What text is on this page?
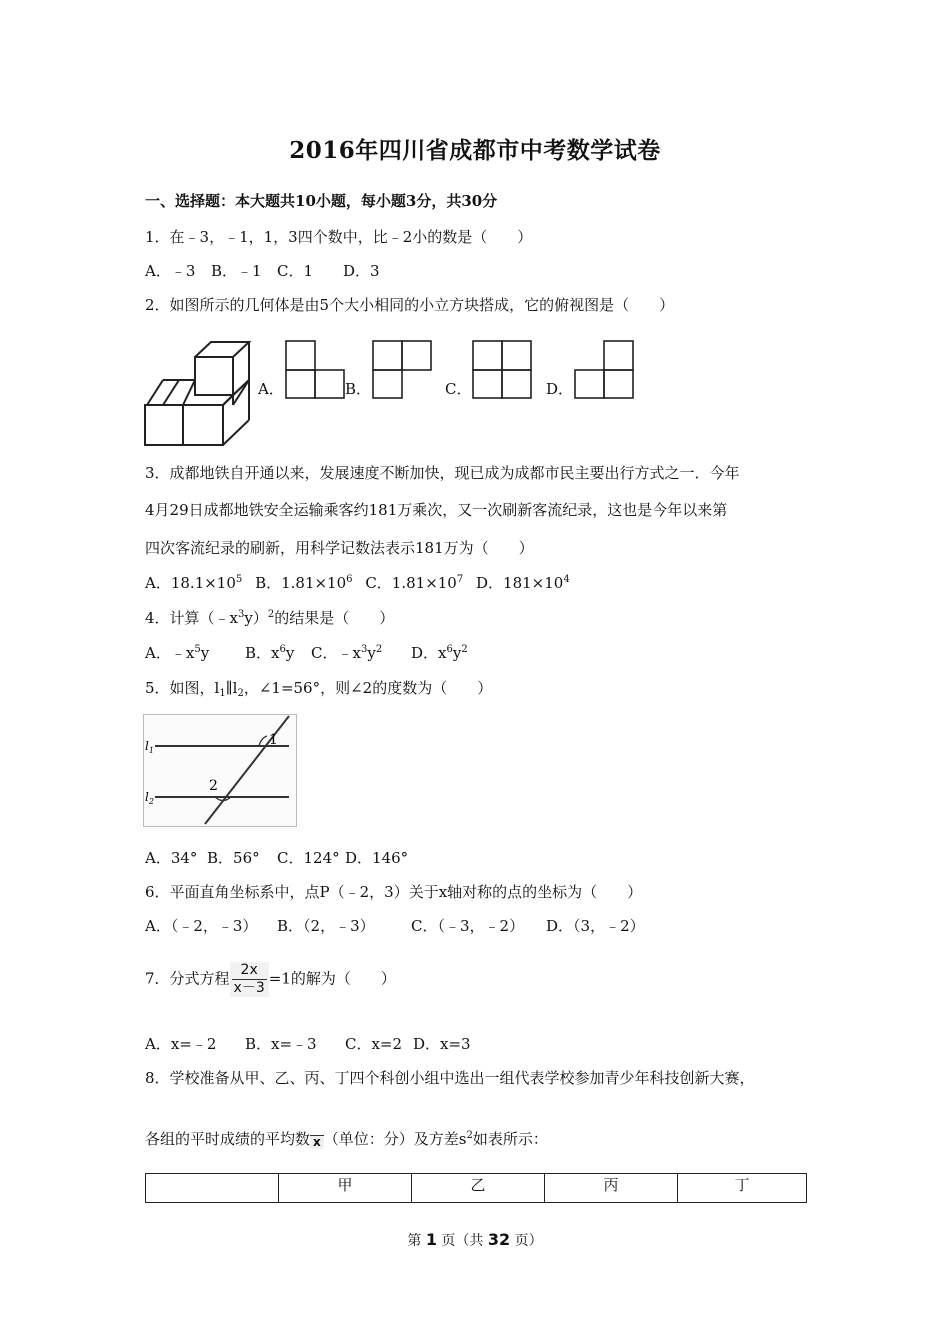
2016年四川省成都市中考数学试卷
一、选择题：本大题共10小题，每小题3分，共30分
1．在﹣3，﹣1，1，3四个数中，比﹣2小的数是（　　）
A．﹣3 B．﹣1 C．1 D．3
2．如图所示的几何体是由5个大小相同的小立方块搭成，它的俯视图是（　　）
A．	B．	C．	D．
3．成都地铁自开通以来，发展速度不断加快，现已成为成都市民主要出行方式之一．今年
4月29日成都地铁安全运输乘客约181万乘次，又一次刷新客流纪录，这也是今年以来第
四次客流纪录的刷新，用科学记数法表示181万为（　　）
A．$18.1\times 10^5$ B．$1.81\times 10^6$ C．$1.81\times 10^7$ D．$181\times 10^4$
4．计算$(﹣x^3y)^2$的结果是（　　）
A．$﹣x^5y$ B．$x^6y$ C．$﹣x^3y^2$ D．$x^6y^2$
5．如图，$l_1\parallel l_2$，∠1=56°，则∠2的度数为（　　）
$l_1$
$l_2$
1
2
A．34° B．56° C．124° D．146°
6．平面直角坐标系中，点P（﹣2，3）关于x轴对称的点的坐标为（　　）
A．（﹣2，﹣3） B．（2，﹣3） C．（﹣3，﹣2） D．（3，﹣2）
7．分式方程 $\frac{2x}{x-3} =1$的解为（　　）
A．x=﹣2 B．x=﹣3 C．x=2 D．x=3
8．学校准备从甲、乙、丙、丁四个科创小组中选出一组代表学校参加青少年科技创新大赛，
各组的平时成绩的平均数 x （单位：分）及方差$s^2$如表所示：
	甲	乙	丙	丁
第 1 页（共 32 页）
